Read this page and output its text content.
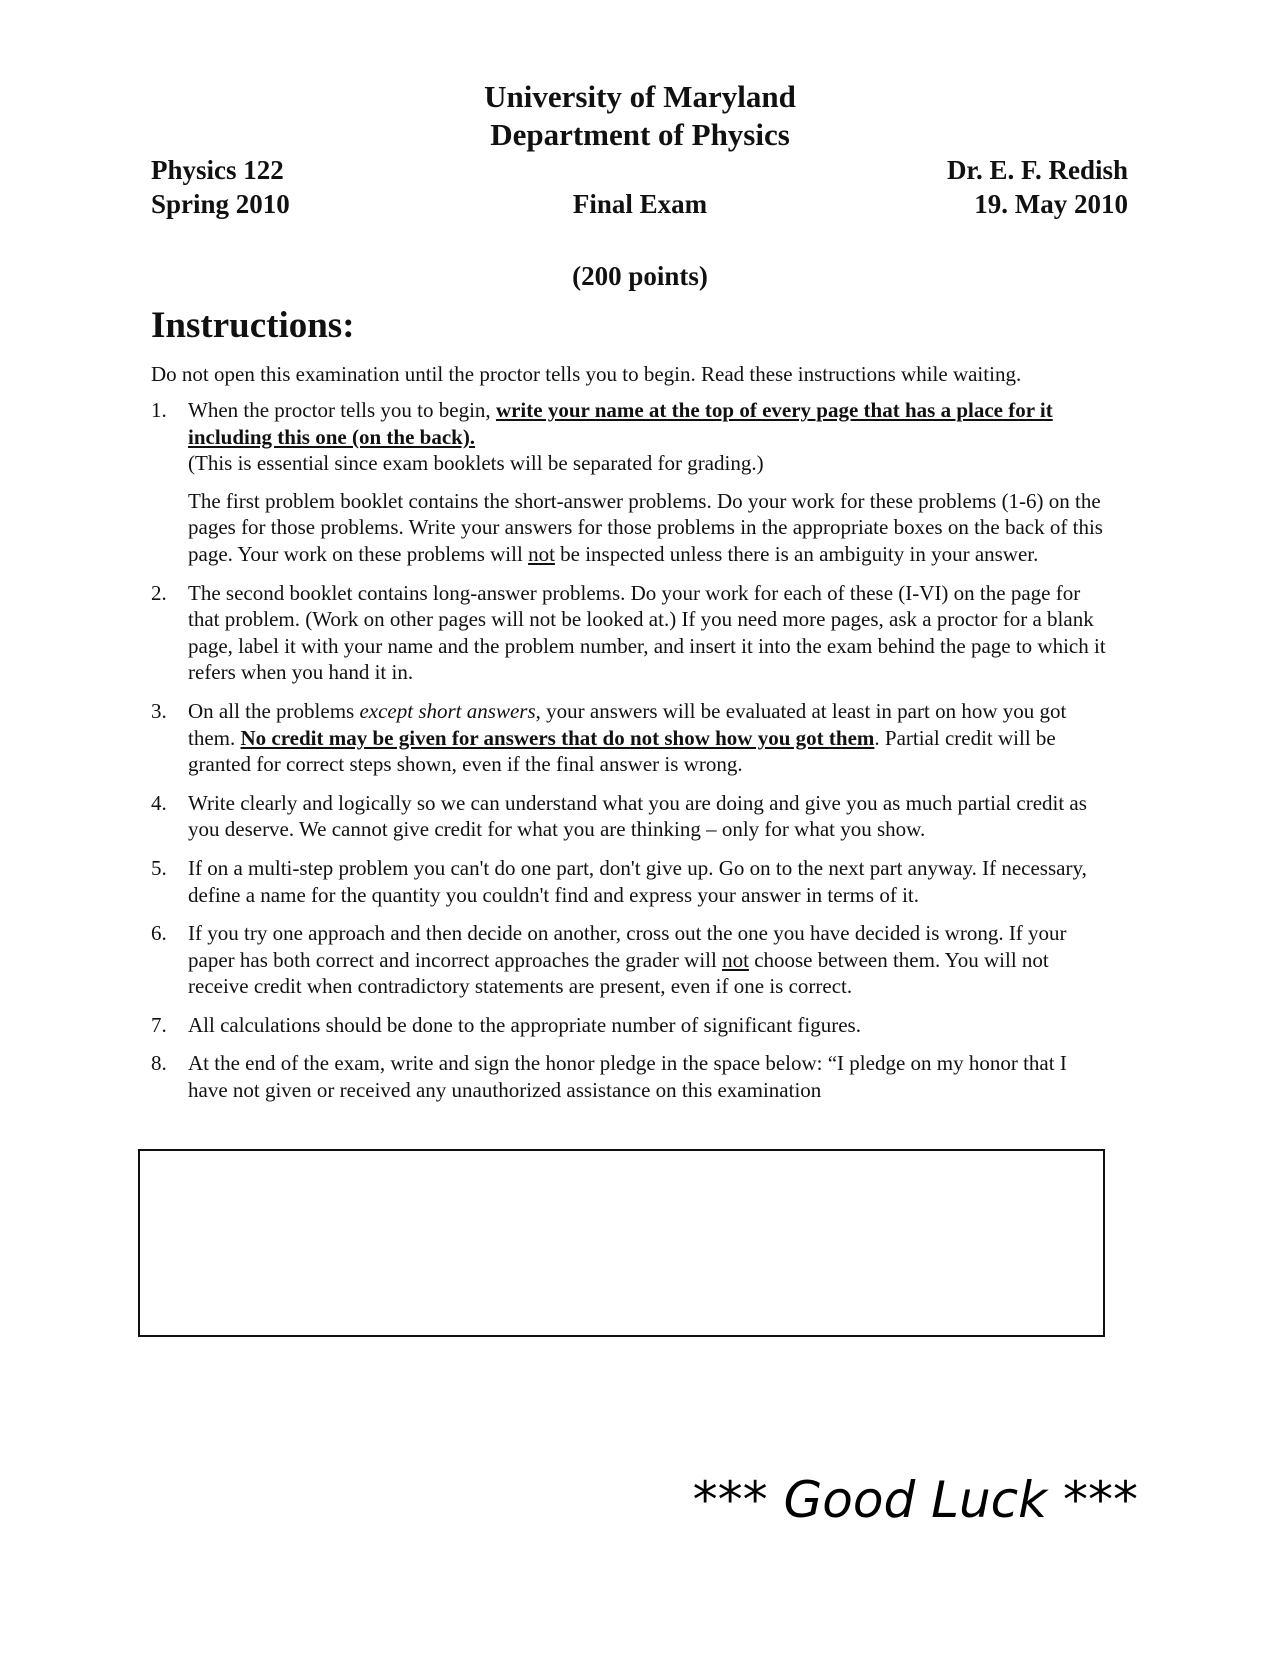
University of Maryland
Department of Physics
Physics 122
Spring 2010	Final Exam
Dr. E. F. Redish
19. May 2010
(200 points)
Instructions:
Do not open this examination until the proctor tells you to begin. Read these instructions while waiting.
1. When the proctor tells you to begin, write your name at the top of every page that has a place for it including this one (on the back).
(This is essential since exam booklets will be separated for grading.)

The first problem booklet contains the short-answer problems. Do your work for these problems (1-6) on the pages for those problems. Write your answers for those problems in the appropriate boxes on the back of this page. Your work on these problems will not be inspected unless there is an ambiguity in your answer.

2. The second booklet contains long-answer problems. Do your work for each of these (I-VI) on the page for that problem. (Work on other pages will not be looked at.) If you need more pages, ask a proctor for a blank page, label it with your name and the problem number, and insert it into the exam behind the page to which it refers when you hand it in.

3. On all the problems except short answers, your answers will be evaluated at least in part on how you got them. No credit may be given for answers that do not show how you got them. Partial credit will be granted for correct steps shown, even if the final answer is wrong.

4. Write clearly and logically so we can understand what you are doing and give you as much partial credit as you deserve. We cannot give credit for what you are thinking – only for what you show.

5. If on a multi-step problem you can't do one part, don't give up. Go on to the next part anyway. If necessary, define a name for the quantity you couldn't find and express your answer in terms of it.

6. If you try one approach and then decide on another, cross out the one you have decided is wrong. If your paper has both correct and incorrect approaches the grader will not choose between them. You will not receive credit when contradictory statements are present, even if one is correct.

7. All calculations should be done to the appropriate number of significant figures.

8. At the end of the exam, write and sign the honor pledge in the space below: “I pledge on my honor that I have not given or received any unauthorized assistance on this examination

*** Good Luck ***
